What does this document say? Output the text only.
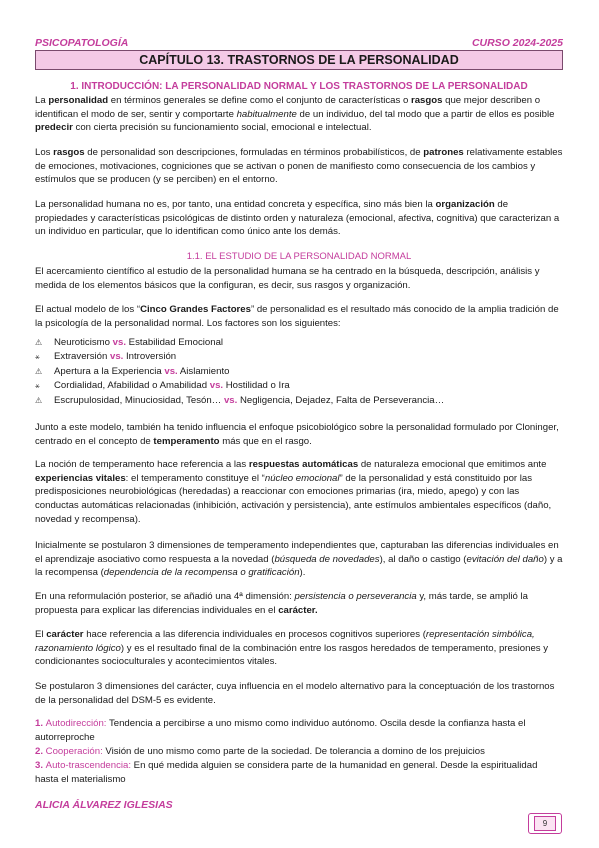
PSICOPATOLOGÍA	CURSO 2024-2025
CAPÍTULO 13. TRASTORNOS DE LA PERSONALIDAD
1. INTRODUCCIÓN: LA PERSONALIDAD NORMAL Y LOS TRASTORNOS DE LA PERSONALIDAD
La personalidad en términos generales se define como el conjunto de características o rasgos que mejor describen o identifican el modo de ser, sentir y comportarte habitualmente de un individuo, del tal modo que a partir de ellos es posible predecir con cierta precisión su funcionamiento social, emocional e intelectual.
Los rasgos de personalidad son descripciones, formuladas en términos probabilísticos, de patrones relativamente estables de emociones, motivaciones, cogniciones que se activan o ponen de manifiesto como consecuencia de los cambios y estímulos que se producen (y se perciben) en el entorno.
La personalidad humana no es, por tanto, una entidad concreta y específica, sino más bien la organización de propiedades y características psicológicas de distinto orden y naturaleza (emocional, afectiva, cognitiva) que caracterizan a un individuo en particular, que lo identifican como único ante los demás.
1.1. EL ESTUDIO DE LA PERSONALIDAD NORMAL
El acercamiento científico al estudio de la personalidad humana se ha centrado en la búsqueda, descripción, análisis y medida de los elementos básicos que la configuran, es decir, sus rasgos y organización.
El actual modelo de los “Cinco Grandes Factores” de personalidad es el resultado más conocido de la amplia tradición de la psicología de la personalidad normal. Los factores son los siguientes:
⚠ Neuroticismo vs. Estabilidad Emocional
⚹ Extraversión vs. Introversión
⚠ Apertura a la Experiencia vs. Aislamiento
⚹ Cordialidad, Afabilidad o Amabilidad vs. Hostilidad o Ira
⚠ Escrupulosidad, Minuciosidad, Tesón… vs. Negligencia, Dejadez, Falta de Perseverancia…
Junto a este modelo, también ha tenido influencia el enfoque psicobiológico sobre la personalidad formulado por Cloninger, centrado en el concepto de temperamento más que en el rasgo.
La noción de temperamento hace referencia a las respuestas automáticas de naturaleza emocional que emitimos ante experiencias vitales: el temperamento constituye el “núcleo emocional” de la personalidad y está constituido por las predisposiciones neurobiológicas (heredadas) a reaccionar con emociones primarias (ira, miedo, apego) y con las conductas automáticas relacionadas (inhibición, activación y persistencia), ante estímulos ambientales específicos (daño, novedad y recompensa).
Inicialmente se postularon 3 dimensiones de temperamento independientes que, capturaban las diferencias individuales en el aprendizaje asociativo como respuesta a la novedad (búsqueda de novedades), al daño o castigo (evitación del daño) y a la recompensa (dependencia de la recompensa o gratificación).
En una reformulación posterior, se añadió una 4ª dimensión: persistencia o perseverancia y, más tarde, se amplió la propuesta para explicar las diferencias individuales en el carácter.
El carácter hace referencia a las diferencia individuales en procesos cognitivos superiores (representación simbólica, razonamiento lógico) y es el resultado final de la combinación entre los rasgos heredados de temperamento, presiones y condicionantes socioculturales y acontecimientos vitales.
Se postularon 3 dimensiones del carácter, cuya influencia en el modelo alternativo para la conceptuación de los trastornos de la personalidad del DSM-5 es evidente.
1. Autodirección: Tendencia a percibirse a uno mismo como individuo autónomo. Oscila desde la confianza hasta el autorreproche
2. Cooperación: Visión de uno mismo como parte de la sociedad. De tolerancia a domino de los prejuicios
3. Auto-trascendencia: En qué medida alguien se considera parte de la humanidad en general. Desde la espiritualidad hasta el materialismo
ALICIA ÁLVAREZ IGLESIAS
9
